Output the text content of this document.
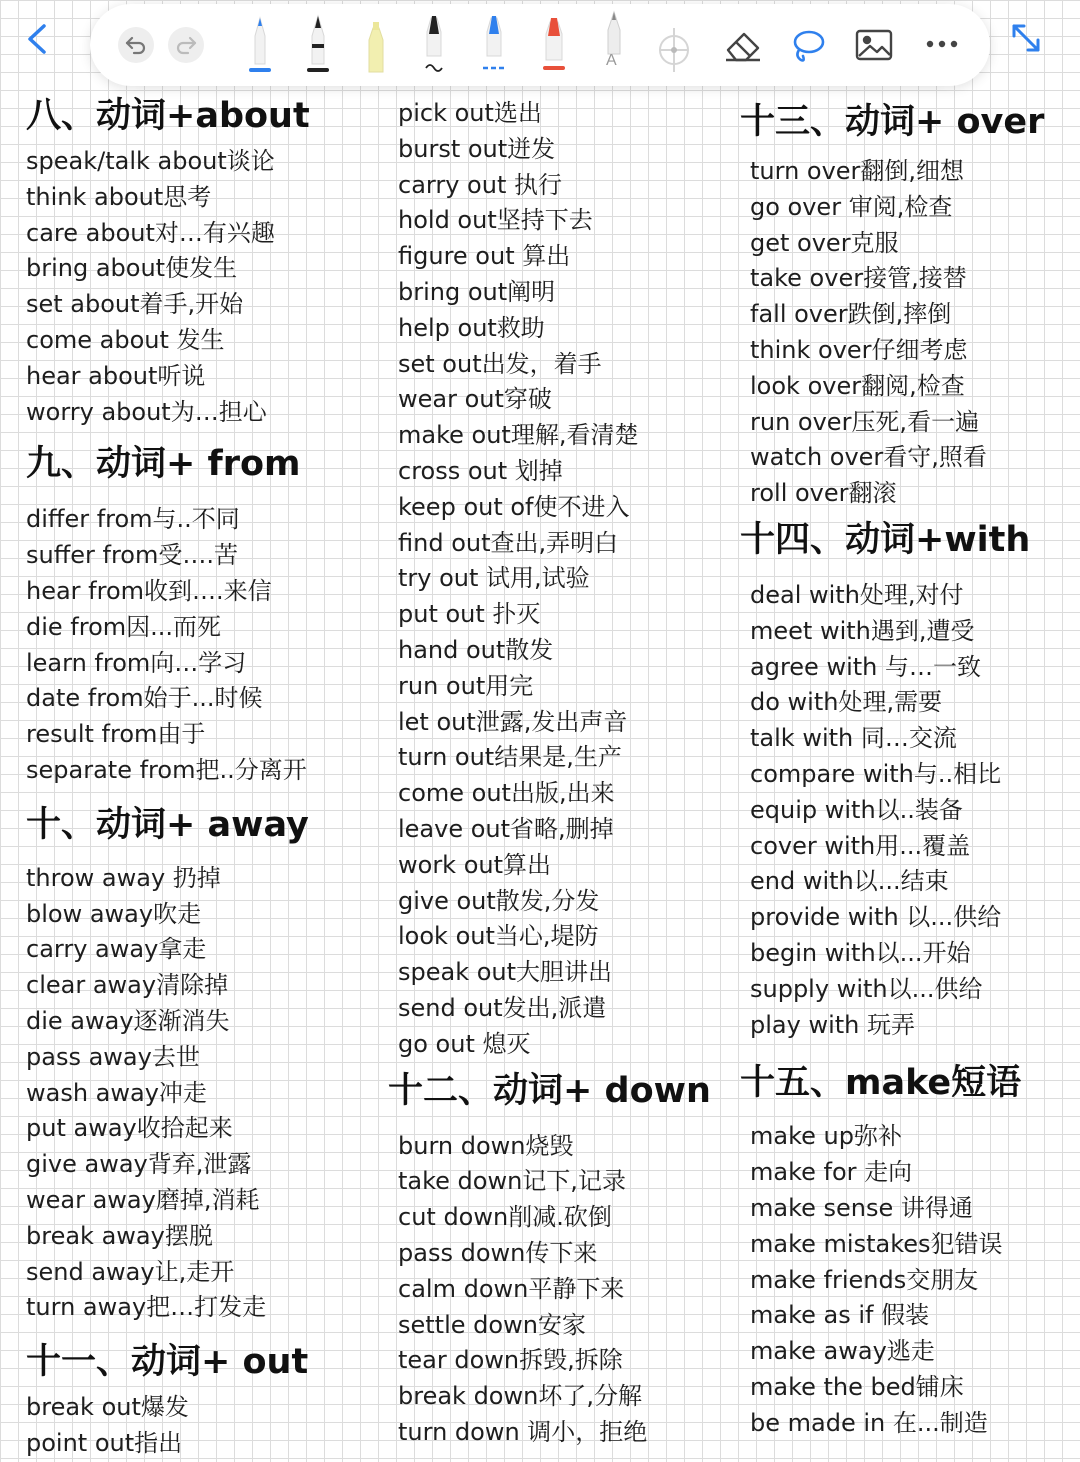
A
八、动词+about
speak/talk about谈论
think about思考
care about对…有兴趣
bring about使发生
set about着手,开始
come about 发生
hear about听说
worry about为…担心
九、动词+ from
differ from与..不同
suffer from受….苦
hear from收到….来信
die from因...而死
learn from向…学习
date from始于...时候
result from由于
separate from把..分离开
十、动词+ away
throw away 扔掉
blow away吹走
carry away拿走
clear away清除掉
die away逐渐消失
pass away去世
wash away冲走
put away收拾起来
give away背弃,泄露
wear away磨掉,消耗
break away摆脱
send away让,走开
turn away把…打发走
十一、动词+ out
break out爆发
point out指出
pick out选出
burst out迸发
carry out 执行
hold out坚持下去
figure out 算出
bring out阐明
help out救助
set out出发，着手
wear out穿破
make out理解,看清楚
cross out 划掉
keep out of使不进入
find out查出,弄明白
try out 试用,试验
put out 扑灭
hand out散发
run out用完
let out泄露,发出声音
turn out结果是,生产
come out出版,出来
leave out省略,删掉
work out算出
give out散发,分发
look out当心,堤防
speak out大胆讲出
send out发出,派遣
go out 熄灭
十二、动词+ down
burn down烧毁
take down记下,记录
cut down削减.砍倒
pass down传下来
calm down平静下来
settle down安家
tear down拆毁,拆除
break down坏了,分解
turn down 调小，拒绝
十三、动词+ over
turn over翻倒,细想
go over 审阅,检查
get over克服
take over接管,接替
fall over跌倒,摔倒
think over仔细考虑
look over翻阅,检查
run over压死,看一遍
watch over看守,照看
roll over翻滚
十四、动词+with
deal with处理,对付
meet with遇到,遭受
agree with 与…一致
do with处理,需要
talk with 同…交流
compare with与..相比
equip with以..装备
cover with用...覆盖
end with以...结束
provide with 以...供给
begin with以...开始
supply with以...供给
play with 玩弄
十五、make短语
make up弥补
make for 走向
make sense 讲得通
make mistakes犯错误
make friends交朋友
make as if 假装
make away逃走
make the bed铺床
be made in 在...制造
